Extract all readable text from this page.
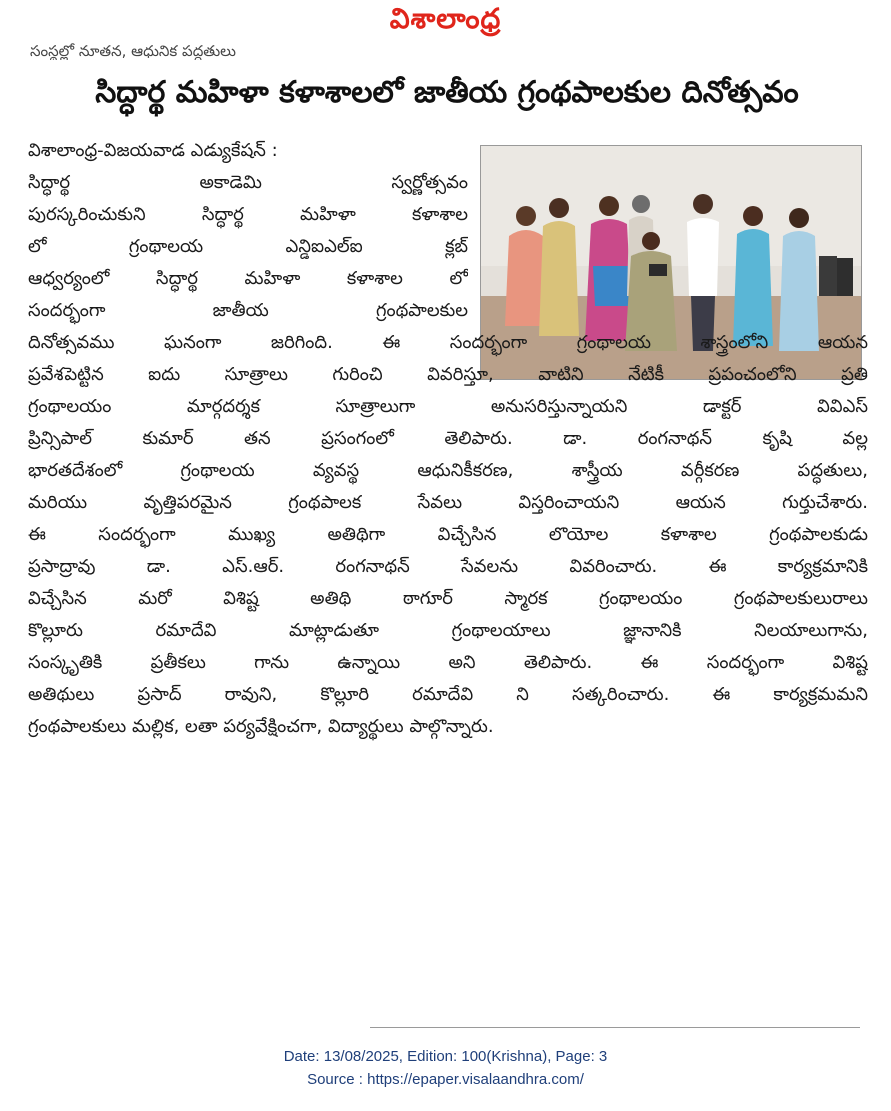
విశాలాంధ్ర
సంస్థల్లో నూతన, ఆధునిక పద్ధతులు
సిద్ధార్థ మహిళా కళాశాలలో జాతీయ గ్రంథపాలకుల దినోత్సవం
విశాలాంధ్ర-విజయవాడ ఎడ్యుకేషన్ :
సిద్ధార్థ అకాడెమి స్వర్ణోత్సవం
పురస్కరించుకుని సిద్ధార్థ మహిళా కళాశాల
లో గ్రంథాలయ ఎన్డిఐఎల్ఐ క్లబ్
ఆధ్వర్యంలో సిద్ధార్థ మహిళా కళాశాల లో
సందర్భంగా జాతీయ గ్రంథపాలకుల
దినోత్సవము ఘనంగా జరిగింది. ఈ సందర్భంగా గ్రంథాలయ శాస్త్రంలోని ఆయన
ప్రవేశపెట్టిన ఐదు సూత్రాలు గురించి వివరిస్తూ, వాటిని నేటికీ ప్రపంచంలోని ప్రతి
గ్రంథాలయం మార్గదర్శక సూత్రాలుగా అనుసరిస్తున్నాయని డాక్టర్ వివిఎస్
ప్రిన్సిపాల్ కుమార్ తన ప్రసంగంలో తెలిపారు. డా. రంగనాథన్ కృషి వల్ల
భారతదేశంలో గ్రంథాలయ వ్యవస్థ ఆధునికీకరణ, శాస్త్రీయ వర్గీకరణ పద్ధతులు,
మరియు వృత్తిపరమైన గ్రంథపాలక సేవలు విస్తరించాయని ఆయన గుర్తుచేశారు.
ఈ సందర్భంగా ముఖ్య అతిథిగా విచ్చేసిన లొయోల కళాశాల గ్రంథపాలకుడు
ప్రసాద్రావు డా. ఎస్.ఆర్. రంగనాథన్ సేవలను వివరించారు. ఈ కార్యక్రమానికి
విచ్చేసిన మరో విశిష్ట అతిథి ఠాగూర్ స్మారక గ్రంథాలయం గ్రంథపాలకులురాలు
కొల్లూరు రమాదేవి మాట్లాడుతూ గ్రంథాలయాలు జ్ఞానానికి నిలయాలుగాను,
సంస్కృతికి ప్రతీకలు గాను ఉన్నాయి అని తెలిపారు. ఈ సందర్భంగా విశిష్ట
అతిథులు ప్రసాద్ రావుని, కొల్లూరి రమాదేవి ని సత్కరించారు. ఈ కార్యక్రమమని
గ్రంథపాలకులు మల్లిక, లతా పర్యవేక్షించగా, విద్యార్థులు పాల్గొన్నారు.
Date: 13/08/2025, Edition: 100(Krishna), Page: 3
Source : https://epaper.visalaandhra.com/
